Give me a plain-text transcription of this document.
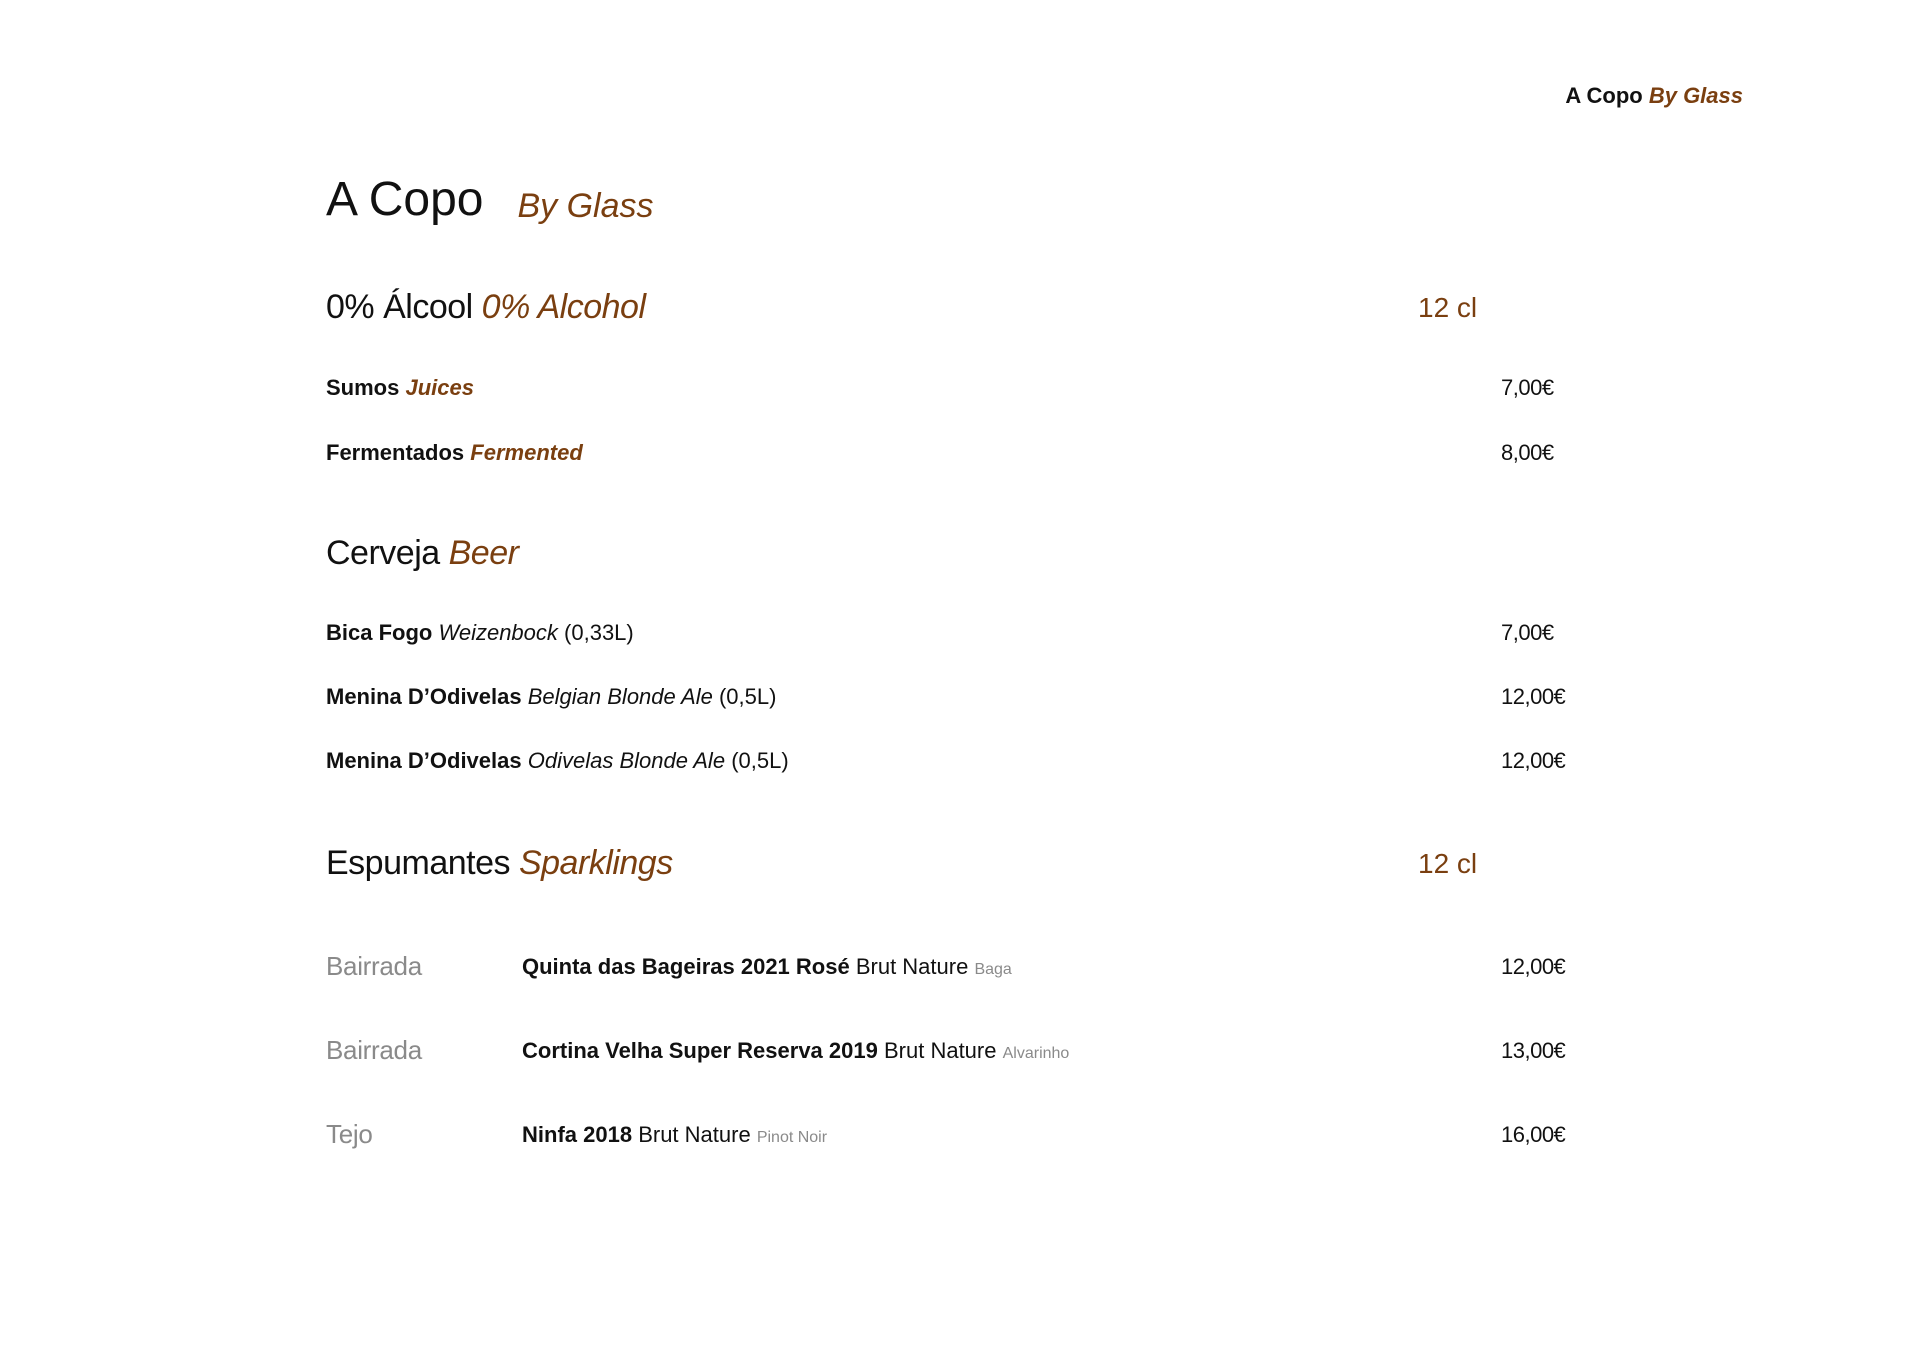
A Copo By Glass
A Copo By Glass
0% Álcool 0% Alcohol	12 cl
Sumos Juices	7,00€
Fermentados Fermented	8,00€
Cerveja Beer
Bica Fogo Weizenbock (0,33L)	7,00€
Menina D’Odivelas Belgian Blonde Ale (0,5L)	12,00€
Menina D’Odivelas Odivelas Blonde Ale (0,5L)	12,00€
Espumantes Sparklings	12 cl
Bairrada	Quinta das Bageiras 2021 Rosé Brut Nature Baga	12,00€
Bairrada	Cortina Velha Super Reserva 2019 Brut Nature Alvarinho	13,00€
Tejo	Ninfa 2018 Brut Nature Pinot Noir	16,00€
